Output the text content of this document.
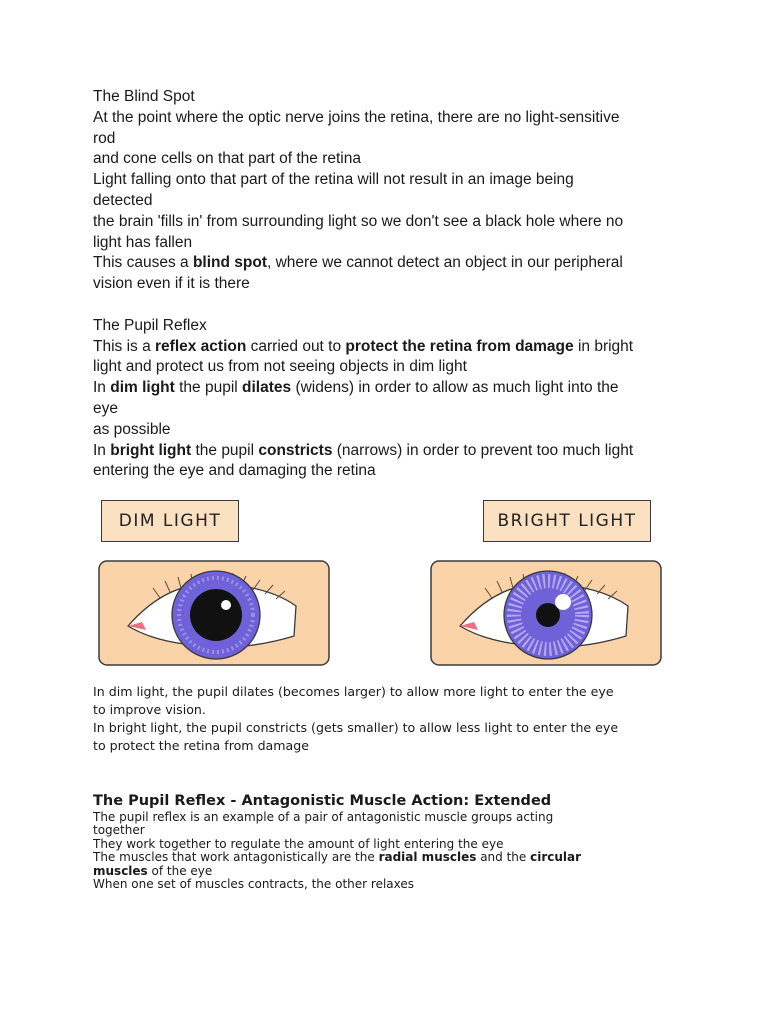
The Blind Spot
At the point where the optic nerve joins the retina, there are no light-sensitive
rod
and cone cells on that part of the retina
Light falling onto that part of the retina will not result in an image being
detected
the brain 'fills in' from surrounding light so we don't see a black hole where no
light has fallen
This causes a blind spot, where we cannot detect an object in our peripheral
vision even if it is there
The Pupil Reflex
This is a reflex action carried out to protect the retina from damage in bright
light and protect us from not seeing objects in dim light
In dim light the pupil dilates (widens) in order to allow as much light into the
eye
as possible
In bright light the pupil constricts (narrows) in order to prevent too much light
entering the eye and damaging the retina
DIM LIGHT	BRIGHT LIGHT
In dim light, the pupil dilates (becomes larger) to allow more light to enter the eye
to improve vision.
In bright light, the pupil constricts (gets smaller) to allow less light to enter the eye
to protect the retina from damage
The Pupil Reflex - Antagonistic Muscle Action: Extended
The pupil reflex is an example of a pair of antagonistic muscle groups acting
together
They work together to regulate the amount of light entering the eye
The muscles that work antagonistically are the radial muscles and the circular
muscles of the eye
When one set of muscles contracts, the other relaxes
